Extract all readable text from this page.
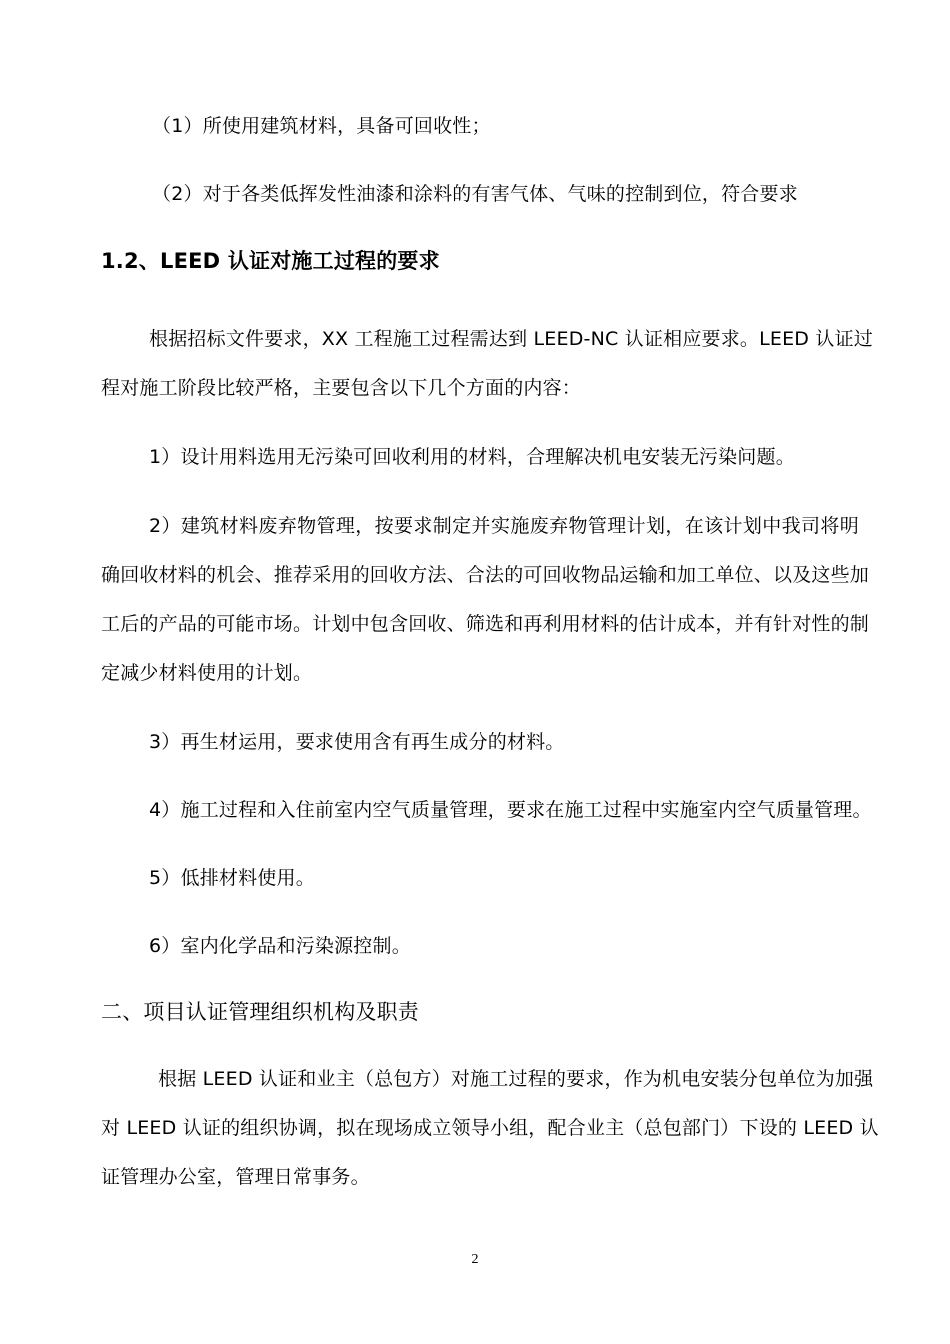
（1）所使用建筑材料，具备可回收性；
（2）对于各类低挥发性油漆和涂料的有害气体、气味的控制到位，符合要求
1.2、LEED 认证对施工过程的要求
根据招标文件要求，XX 工程施工过程需达到 LEED-NC 认证相应要求。LEED 认证过
程对施工阶段比较严格，主要包含以下几个方面的内容：
1）设计用料选用无污染可回收利用的材料，合理解决机电安装无污染问题。
2）建筑材料废弃物管理，按要求制定并实施废弃物管理计划，在该计划中我司将明
确回收材料的机会、推荐采用的回收方法、合法的可回收物品运输和加工单位、以及这些加
工后的产品的可能市场。计划中包含回收、筛选和再利用材料的估计成本，并有针对性的制
定减少材料使用的计划。
3）再生材运用，要求使用含有再生成分的材料。
4）施工过程和入住前室内空气质量管理，要求在施工过程中实施室内空气质量管理。
5）低排材料使用。
6）室内化学品和污染源控制。
二、项目认证管理组织机构及职责
根据 LEED 认证和业主（总包方）对施工过程的要求，作为机电安装分包单位为加强
对 LEED 认证的组织协调，拟在现场成立领导小组，配合业主（总包部门）下设的 LEED 认
证管理办公室，管理日常事务。
2
